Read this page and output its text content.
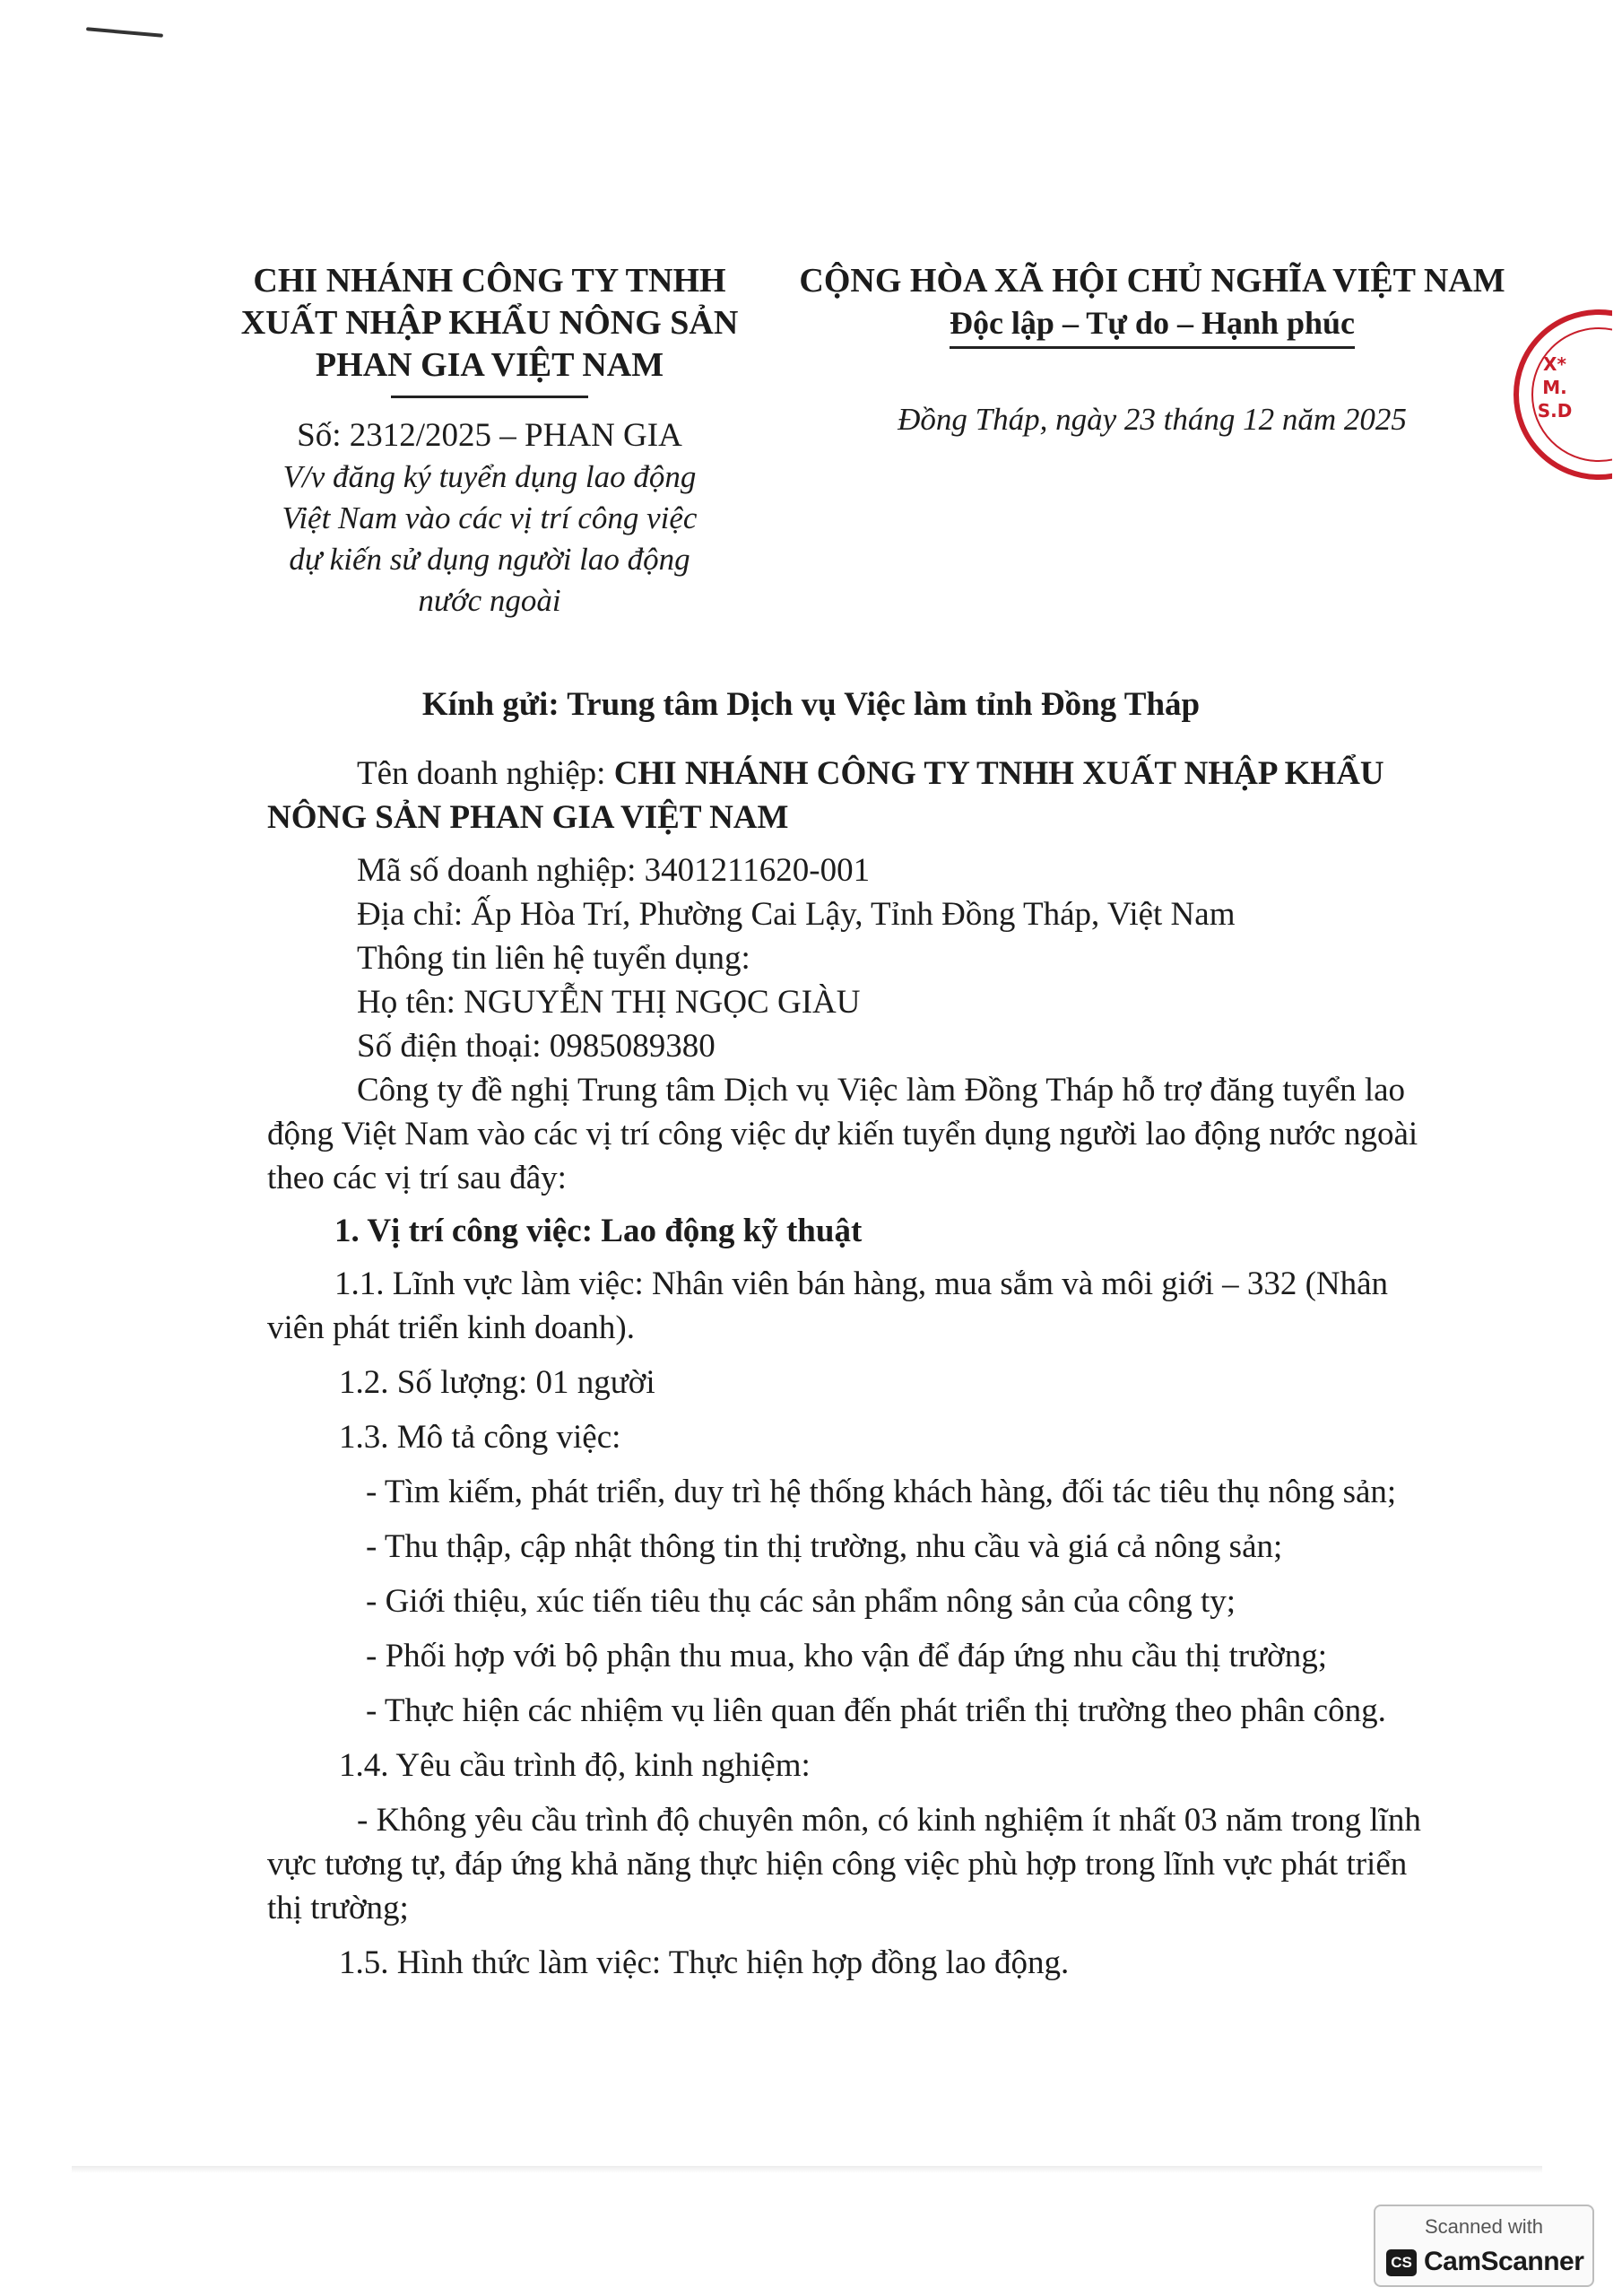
X*M.S.D
CHI NHÁNH CÔNG TY TNHH
XUẤT NHẬP KHẨU NÔNG SẢN
PHAN GIA VIỆT NAM
Số: 2312/2025 – PHAN GIA
V/v đăng ký tuyển dụng lao động
Việt Nam vào các vị trí công việc
dự kiến sử dụng người lao động
nước ngoài
CỘNG HÒA XÃ HỘI CHỦ NGHĨA VIỆT NAM
Độc lập – Tự do – Hạnh phúc
Đồng Tháp, ngày 23 tháng 12 năm 2025
Kính gửi: Trung tâm Dịch vụ Việc làm tỉnh Đồng Tháp

Tên doanh nghiệp: CHI NHÁNH CÔNG TY TNHH XUẤT NHẬP KHẨU NÔNG SẢN PHAN GIA VIỆT NAM

Mã số doanh nghiệp: 3401211620-001

Địa chỉ: Ấp Hòa Trí, Phường Cai Lậy, Tỉnh Đồng Tháp, Việt Nam

Thông tin liên hệ tuyển dụng:

Họ tên: NGUYỄN THỊ NGỌC GIÀU

Số điện thoại: 0985089380

Công ty đề nghị Trung tâm Dịch vụ Việc làm Đồng Tháp hỗ trợ đăng tuyển lao động Việt Nam vào các vị trí công việc dự kiến tuyển dụng người lao động nước ngoài theo các vị trí sau đây:

1. Vị trí công việc: Lao động kỹ thuật

1.1. Lĩnh vực làm việc: Nhân viên bán hàng, mua sắm và môi giới – 332 (Nhân viên phát triển kinh doanh).

1.2. Số lượng: 01 người

1.3. Mô tả công việc:

- Tìm kiếm, phát triển, duy trì hệ thống khách hàng, đối tác tiêu thụ nông sản;

- Thu thập, cập nhật thông tin thị trường, nhu cầu và giá cả nông sản;

- Giới thiệu, xúc tiến tiêu thụ các sản phẩm nông sản của công ty;

- Phối hợp với bộ phận thu mua, kho vận để đáp ứng nhu cầu thị trường;

- Thực hiện các nhiệm vụ liên quan đến phát triển thị trường theo phân công.

1.4. Yêu cầu trình độ, kinh nghiệm:

- Không yêu cầu trình độ chuyên môn, có kinh nghiệm ít nhất 03 năm trong lĩnh vực tương tự, đáp ứng khả năng thực hiện công việc phù hợp trong lĩnh vực phát triển thị trường;

1.5. Hình thức làm việc: Thực hiện hợp đồng lao động.

Scanned with
CS CamScanner
